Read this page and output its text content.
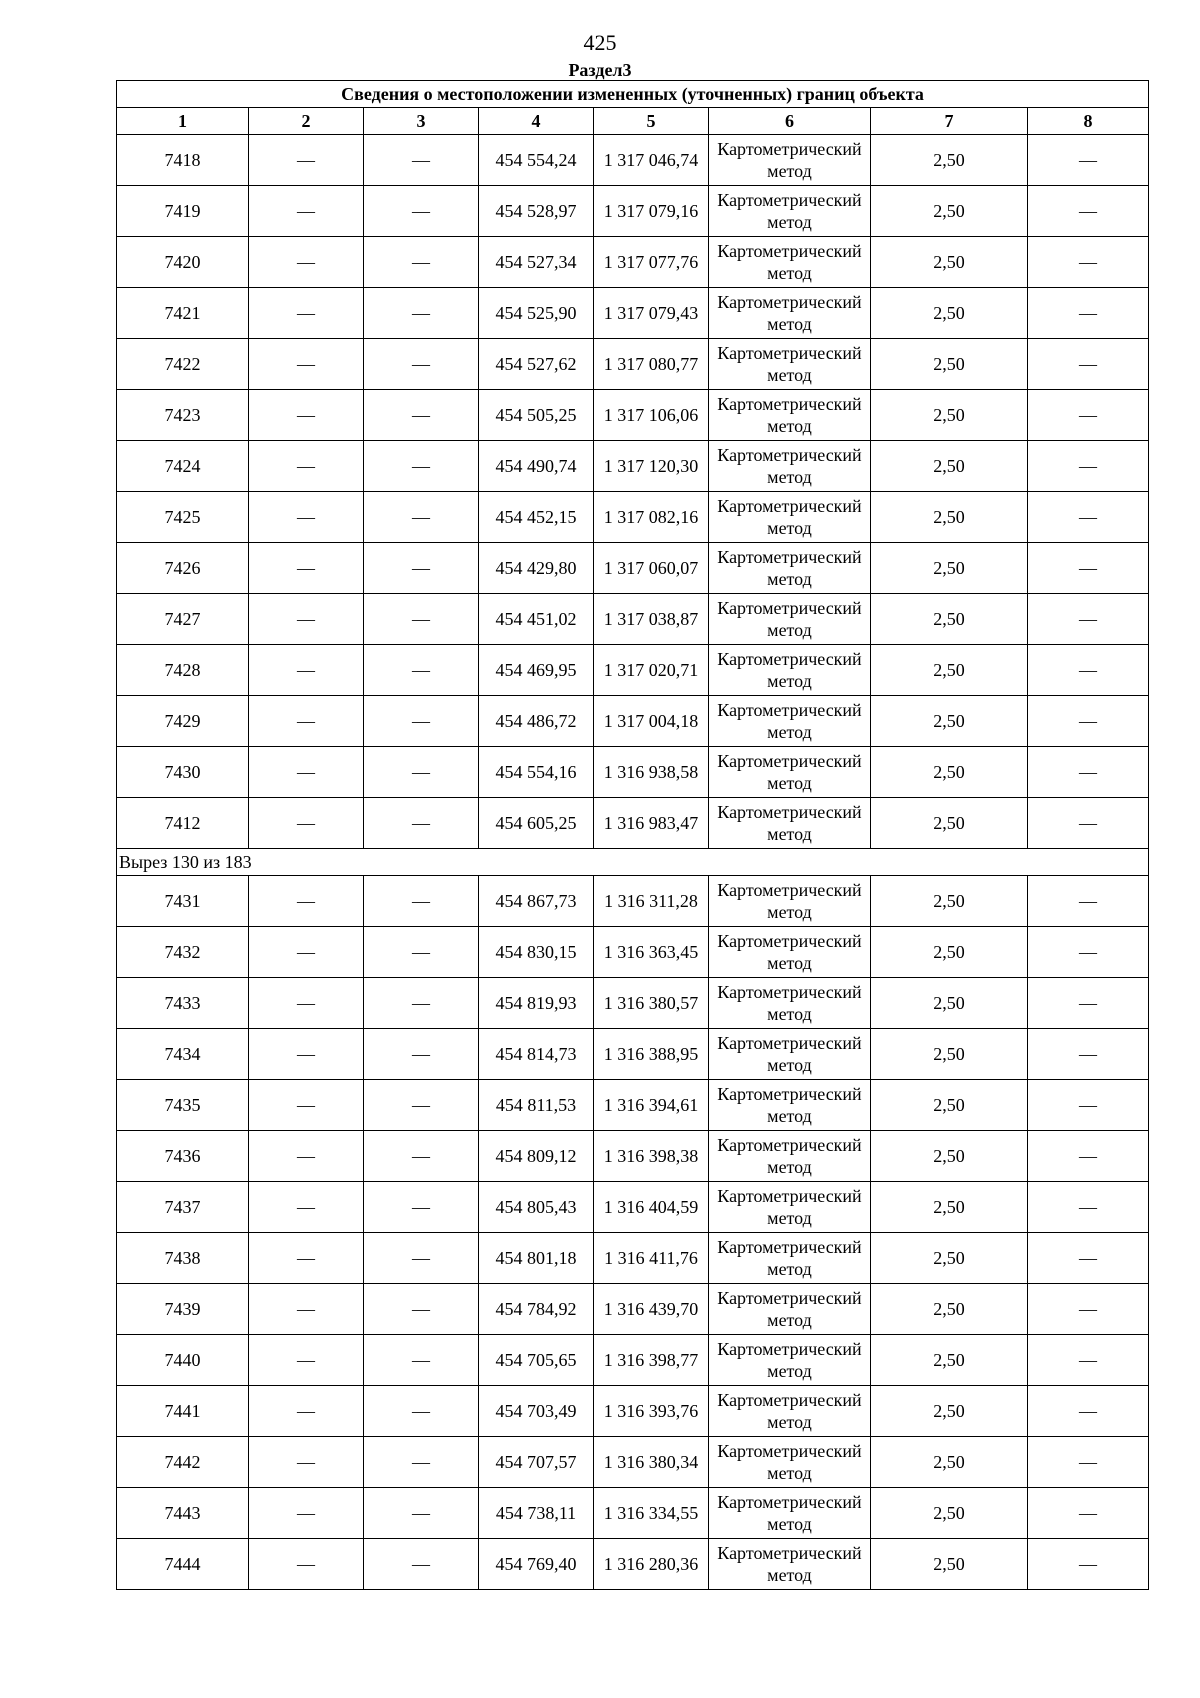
425
Раздел3
Сведения о местоположении измененных (уточненных) границ объекта							
1	2	3	4	5	6	7	8
7418	—	—	454 554,24	1 317 046,74	Картометрический метод	2,50	—
7419	—	—	454 528,97	1 317 079,16	Картометрический метод	2,50	—
7420	—	—	454 527,34	1 317 077,76	Картометрический метод	2,50	—
7421	—	—	454 525,90	1 317 079,43	Картометрический метод	2,50	—
7422	—	—	454 527,62	1 317 080,77	Картометрический метод	2,50	—
7423	—	—	454 505,25	1 317 106,06	Картометрический метод	2,50	—
7424	—	—	454 490,74	1 317 120,30	Картометрический метод	2,50	—
7425	—	—	454 452,15	1 317 082,16	Картометрический метод	2,50	—
7426	—	—	454 429,80	1 317 060,07	Картометрический метод	2,50	—
7427	—	—	454 451,02	1 317 038,87	Картометрический метод	2,50	—
7428	—	—	454 469,95	1 317 020,71	Картометрический метод	2,50	—
7429	—	—	454 486,72	1 317 004,18	Картометрический метод	2,50	—
7430	—	—	454 554,16	1 316 938,58	Картометрический метод	2,50	—
7412	—	—	454 605,25	1 316 983,47	Картометрический метод	2,50	—
Вырез 130 из 183							
7431	—	—	454 867,73	1 316 311,28	Картометрический метод	2,50	—
7432	—	—	454 830,15	1 316 363,45	Картометрический метод	2,50	—
7433	—	—	454 819,93	1 316 380,57	Картометрический метод	2,50	—
7434	—	—	454 814,73	1 316 388,95	Картометрический метод	2,50	—
7435	—	—	454 811,53	1 316 394,61	Картометрический метод	2,50	—
7436	—	—	454 809,12	1 316 398,38	Картометрический метод	2,50	—
7437	—	—	454 805,43	1 316 404,59	Картометрический метод	2,50	—
7438	—	—	454 801,18	1 316 411,76	Картометрический метод	2,50	—
7439	—	—	454 784,92	1 316 439,70	Картометрический метод	2,50	—
7440	—	—	454 705,65	1 316 398,77	Картометрический метод	2,50	—
7441	—	—	454 703,49	1 316 393,76	Картометрический метод	2,50	—
7442	—	—	454 707,57	1 316 380,34	Картометрический метод	2,50	—
7443	—	—	454 738,11	1 316 334,55	Картометрический метод	2,50	—
7444	—	—	454 769,40	1 316 280,36	Картометрический метод	2,50	—
